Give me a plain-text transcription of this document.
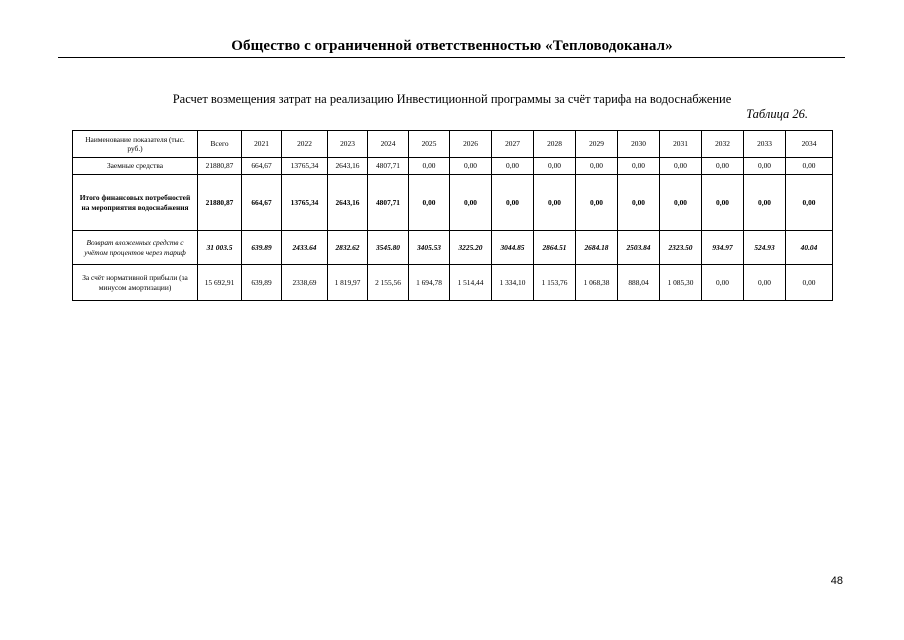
Общество с ограниченной ответственностью «Тепловодоканал»
Расчет возмещения затрат на реализацию Инвестиционной программы за счёт тарифа на водоснабжение
Таблица 26.
Наименование показателя (тыс. руб.)	Всего	2021	2022	2023	2024	2025	2026	2027	2028	2029	2030	2031	2032	2033	2034
Заемные средства	21880,87	664,67	13765,34	2643,16	4807,71	0,00	0,00	0,00	0,00	0,00	0,00	0,00	0,00	0,00	0,00
Итого финансовых потребностей на мероприятия водоснабжения	21880,87	664,67	13765,34	2643,16	4807,71	0,00	0,00	0,00	0,00	0,00	0,00	0,00	0,00	0,00	0,00
Возврат вложенных средств с учётом процентов через тариф	31 003.5	639.89	2433.64	2832.62	3545.80	3405.53	3225.20	3044.85	2864.51	2684.18	2503.84	2323.50	934.97	524.93	40.04
За счёт нормативной прибыли (за минусом амортизации)	15 692,91	639,89	2338,69	1 819,97	2 155,56	1 694,78	1 514,44	1 334,10	1 153,76	1 068,38	888,04	1 085,30	0,00	0,00	0,00
48
